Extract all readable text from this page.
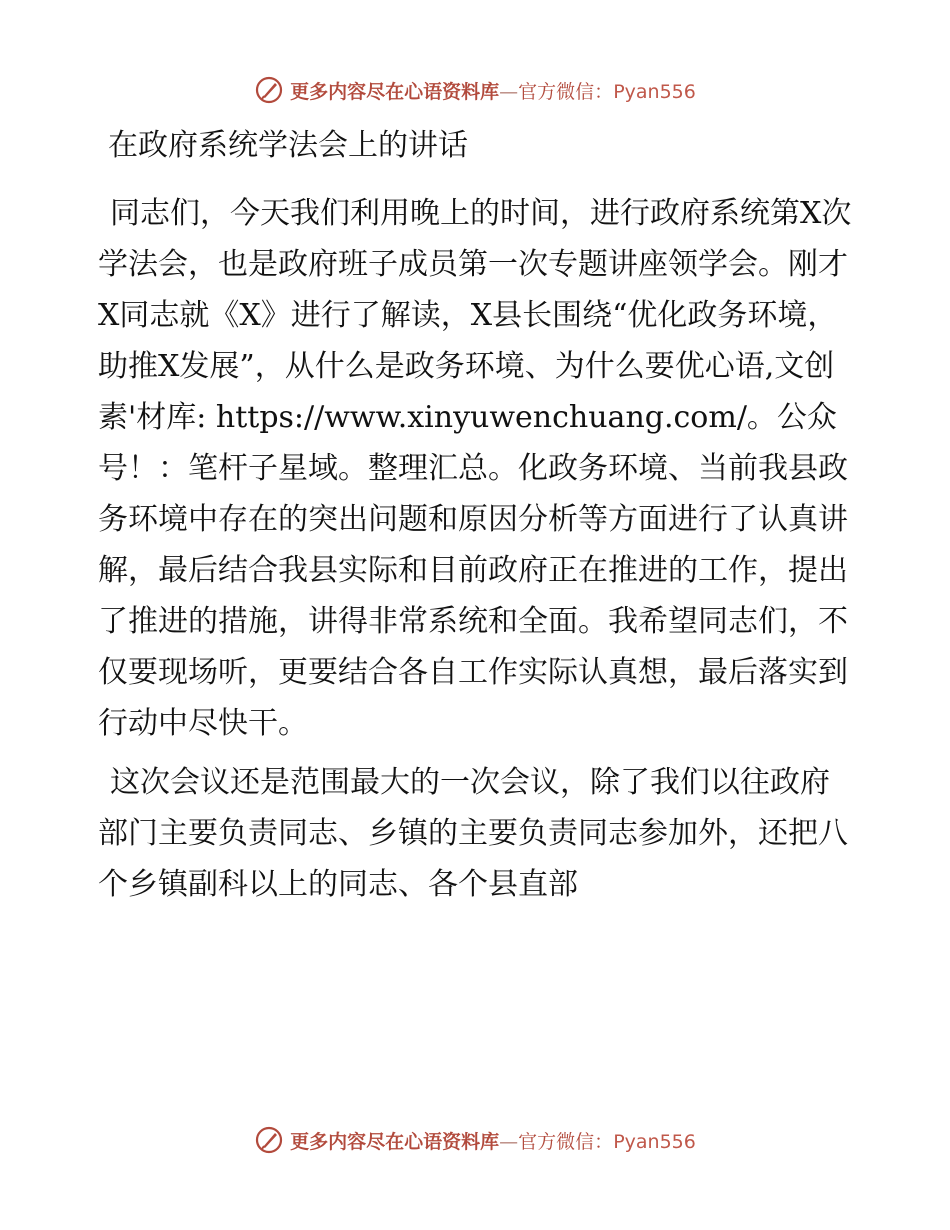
更多内容尽在心语资料库—官方微信：Pyan556
在政府系统学法会上的讲话

同志们，今天我们利用晚上的时间，进行政府系统第X次学法会，也是政府班子成员第一次专题讲座领学会。刚才X同志就《X》进行了解读，X县长围绕“优化政务环境，助推X发展”，从什么是政务环境、为什么要优心语,文创素'材库: https://www.xinyuwenchuang.com/。公众号！：笔杆子星域。整理汇总。化政务环境、当前我县政务环境中存在的突出问题和原因分析等方面进行了认真讲解，最后结合我县实际和目前政府正在推进的工作，提出了推进的措施，讲得非常系统和全面。我希望同志们，不仅要现场听，更要结合各自工作实际认真想，最后落实到行动中尽快干。

这次会议还是范围最大的一次会议，除了我们以往政府部门主要负责同志、乡镇的主要负责同志参加外，还把八个乡镇副科以上的同志、各个县直部

更多内容尽在心语资料库—官方微信：Pyan556
